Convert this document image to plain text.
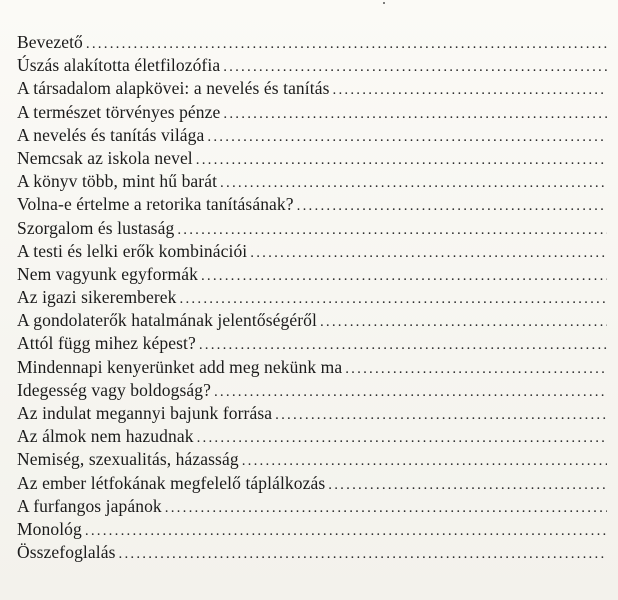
Bevezető
.....
Úszás alakította életfilozófia
.....
A társadalom alapkövei: a nevelés és tanítás
.....
A természet törvényes pénze
.....
A nevelés és tanítás világa
.....
Nemcsak az iskola nevel
.....
A könyv több, mint hű barát
.....
Volna-e értelme a retorika tanításának?
.....
Szorgalom és lustaság
.....
A testi és lelki erők kombinációi
.....
Nem vagyunk egyformák
.....
Az igazi sikeremberek
.....
A gondolaterők hatalmának jelentőségéről
.....
Attól függ mihez képest?
.....
Mindennapi kenyerünket add meg nekünk ma
.....
Idegesség vagy boldogság?
.....
Az indulat megannyi bajunk forrása
.....
Az álmok nem hazudnak
.....
Nemiség, szexualitás, házasság
.....
Az ember létfokának megfelelő táplálkozás
.....
A furfangos japánok
.....
Monológ
.....
Összefoglalás
.....
